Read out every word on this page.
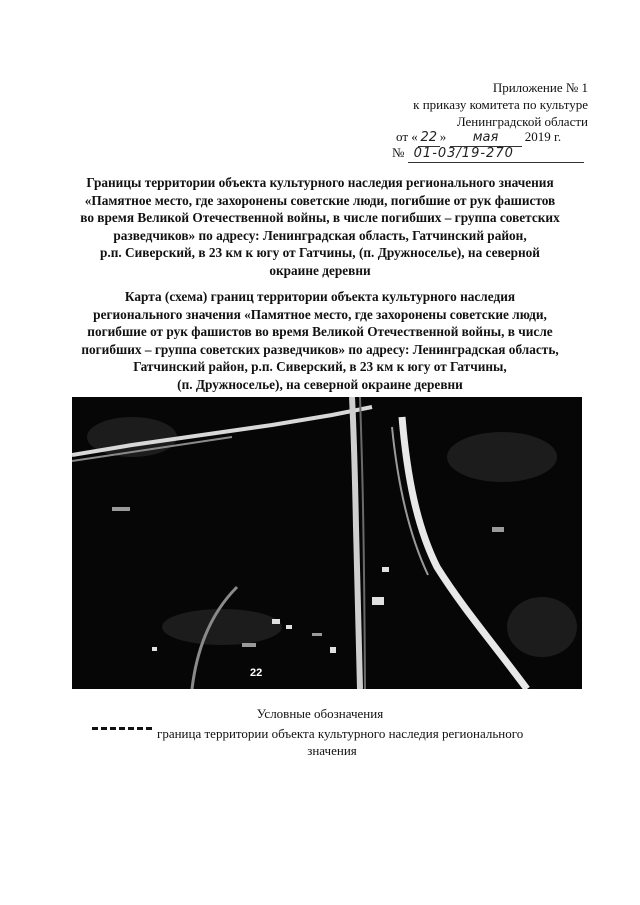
Приложение № 1
к приказу комитета по культуре
Ленинградской области
от « 22 » мая 2019 г.
№ 01-03/19-270
Границы территории объекта культурного наследия регионального значения
«Памятное место, где захоронены советские люди, погибшие от рук фашистов
во время Великой Отечественной войны, в числе погибших – группа советских
разведчиков» по адресу: Ленинградская область, Гатчинский район,
р.п. Сиверский, в 23 км к югу от Гатчины, (п. Дружноселье), на северной
окраине деревни
Карта (схема) границ территории объекта культурного наследия
регионального значения «Памятное место, где захоронены советские люди,
погибшие от рук фашистов во время Великой Отечественной войны, в числе
погибших – группа советских разведчиков» по адресу: Ленинградская область,
Гатчинский район, р.п. Сиверский, в 23 км к югу от Гатчины,
(п. Дружноселье), на северной окраине деревни
22
Условные обозначения
граница территории объекта культурного наследия регионального
значения
